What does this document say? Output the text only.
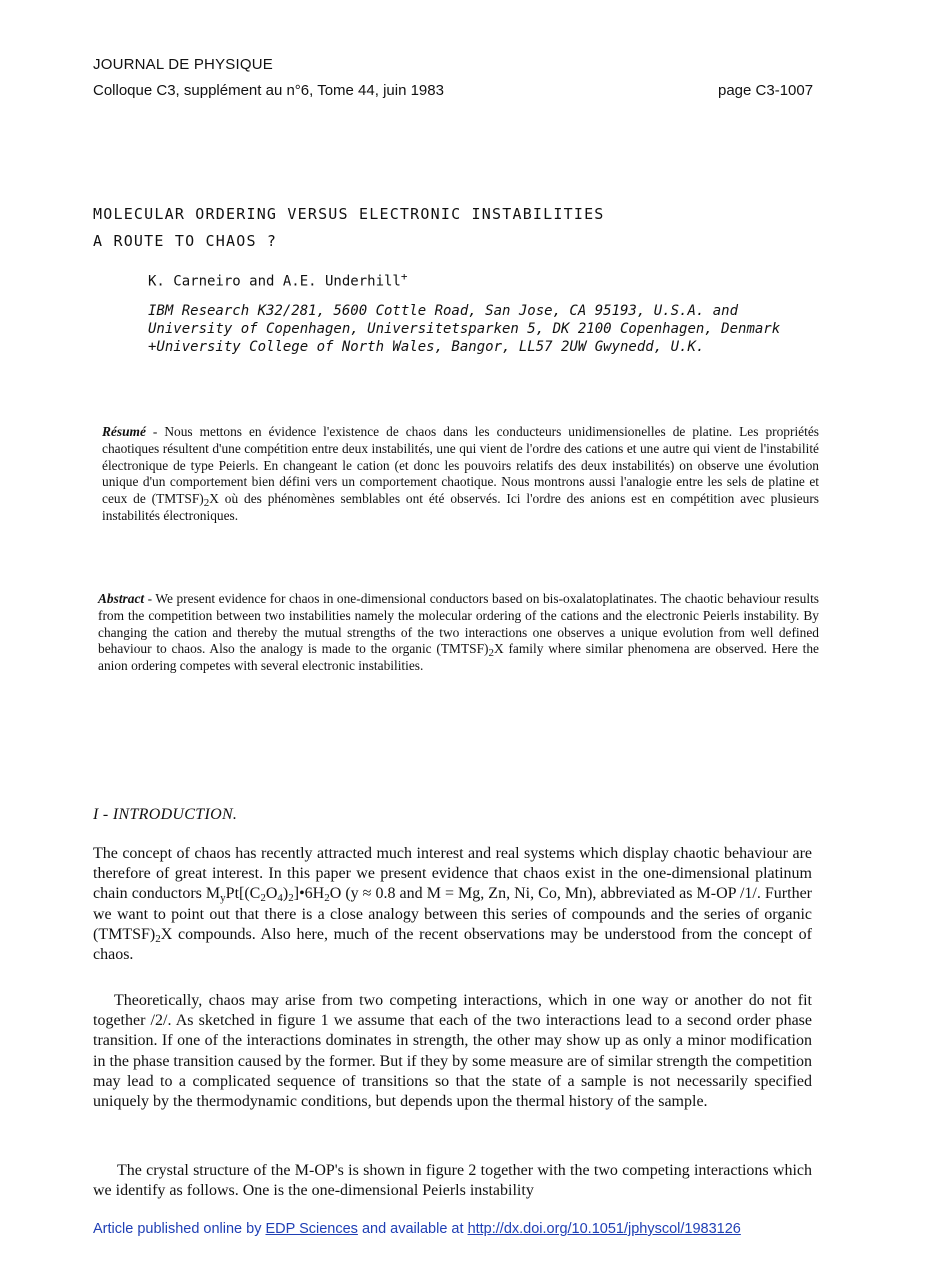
JOURNAL DE PHYSIQUE
Colloque C3, supplément au n°6, Tome 44, juin 1983	page C3-1007
MOLECULAR ORDERING VERSUS ELECTRONIC INSTABILITIES
A ROUTE TO CHAOS ?
K. Carneiro and A.E. Underhill+
IBM Research K32/281, 5600 Cottle Road, San Jose, CA 95193, U.S.A. and
University of Copenhagen, Universitetsparken 5, DK 2100 Copenhagen, Denmark
+University College of North Wales, Bangor, LL57 2UW Gwynedd, U.K.
Résumé - Nous mettons en évidence l'existence de chaos dans les conducteurs unidimensionelles de platine. Les propriétés chaotiques résultent d'une compétition entre deux instabilités, une qui vient de l'ordre des cations et une autre qui vient de l'instabilité électronique de type Peierls. En changeant le cation (et donc les pouvoirs relatifs des deux instabilités) on observe une évolution unique d'un comportement bien défini vers un comportement chaotique. Nous montrons aussi l'analogie entre les sels de platine et ceux de $(TMTSF)_2X$ où des phénomènes semblables ont été observés. Ici l'ordre des anions est en compétition avec plusieurs instabilités électroniques.
Abstract - We present evidence for chaos in one-dimensional conductors based on bis-oxalatoplatinates. The chaotic behaviour results from the competition between two instabilities namely the molecular ordering of the cations and the electronic Peierls instability. By changing the cation and thereby the mutual strengths of the two interactions one observes a unique evolution from well defined behaviour to chaos. Also the analogy is made to the organic $(TMTSF)_2X$ family where similar phenomena are observed. Here the anion ordering competes with several electronic instabilities.
I - INTRODUCTION.
The concept of chaos has recently attracted much interest and real systems which display chaotic behaviour are therefore of great interest. In this paper we present evidence that chaos exist in the one-dimensional platinum chain conductors $M_yPt[(C_2O_4)_2]•6H_2O$ (y ≈ 0.8 and M = Mg, Zn, Ni, Co, Mn), abbreviated as M-OP /1/. Further we want to point out that there is a close analogy between this series of compounds and the series of organic $(TMTSF)_2X$ compounds. Also here, much of the recent observations may be understood from the concept of chaos.
Theoretically, chaos may arise from two competing interactions, which in one way or another do not fit together /2/. As sketched in figure 1 we assume that each of the two interactions lead to a second order phase transition. If one of the interactions dominates in strength, the other may show up as only a minor modification in the phase transition caused by the former. But if they by some measure are of similar strength the competition may lead to a complicated sequence of transitions so that the state of a sample is not necessarily specified uniquely by the thermodynamic conditions, but depends upon the thermal history of the sample.
The crystal structure of the M-OP's is shown in figure 2 together with the two competing interactions which we identify as follows. One is the one-dimensional Peierls instability
Article published online by EDP Sciences and available at http://dx.doi.org/10.1051/jphyscol/1983126
